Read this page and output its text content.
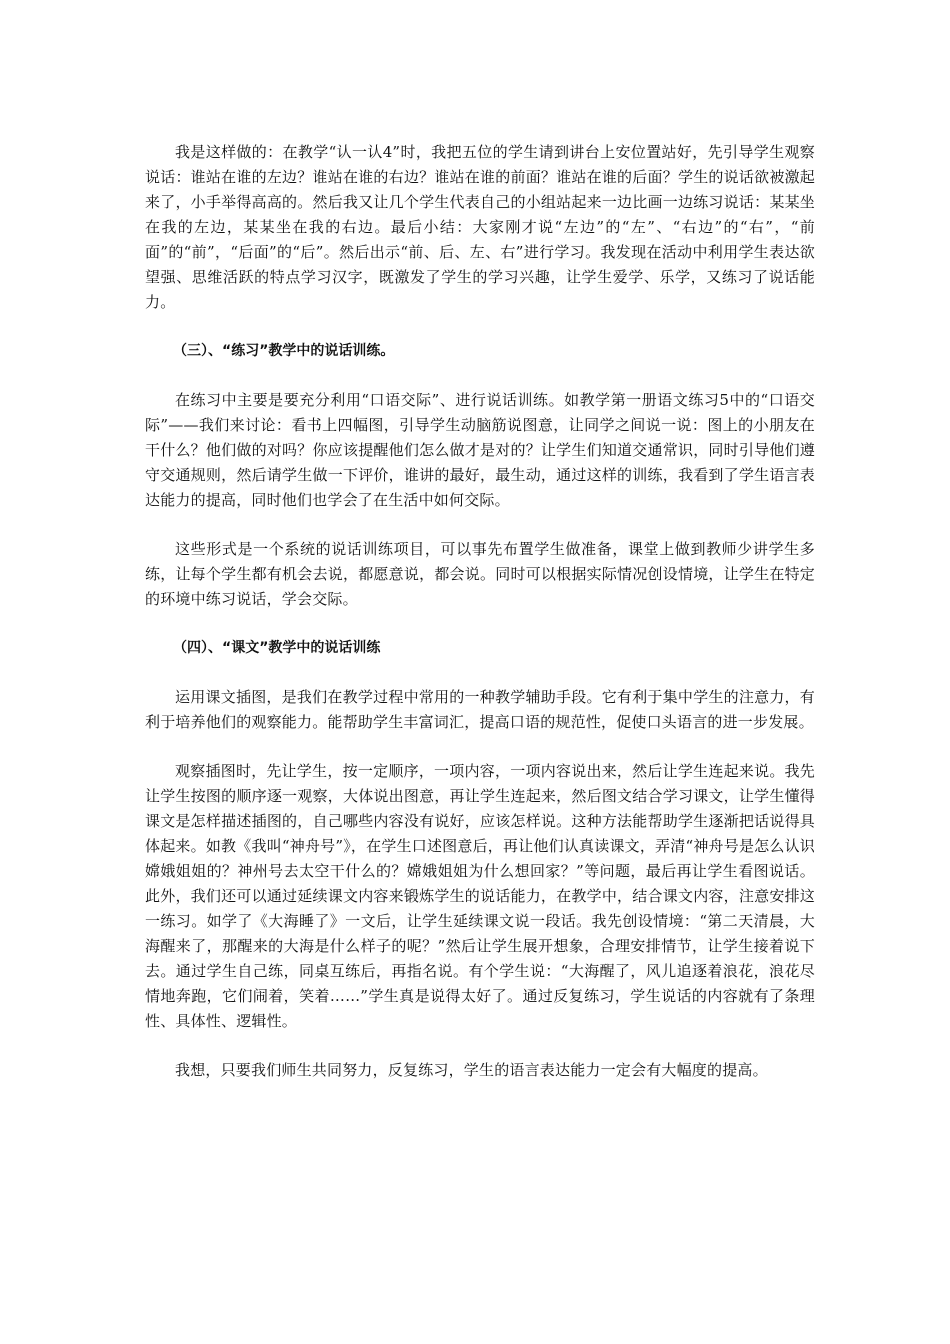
我是这样做的：在教学“认一认4”时，我把五位的学生请到讲台上安位置站好，先引导学生观察说话：谁站在谁的左边？谁站在谁的右边？谁站在谁的前面？谁站在谁的后面？学生的说话欲被激起来了，小手举得高高的。然后我又让几个学生代表自己的小组站起来一边比画一边练习说话：某某坐在我的左边，某某坐在我的右边。最后小结：大家刚才说“左边”的“左”、“右边”的“右”，“前面”的“前”，“后面”的“后”。然后出示“前、后、左、右”进行学习。我发现在活动中利用学生表达欲望强、思维活跃的特点学习汉字，既激发了学生的学习兴趣，让学生爱学、乐学，又练习了说话能力。

（三）、“练习”教学中的说话训练。

在练习中主要是要充分利用“口语交际”、进行说话训练。如教学第一册语文练习5中的“口语交际”——我们来讨论：看书上四幅图，引导学生动脑筋说图意，让同学之间说一说：图上的小朋友在干什么？他们做的对吗？你应该提醒他们怎么做才是对的？让学生们知道交通常识，同时引导他们遵守交通规则，然后请学生做一下评价，谁讲的最好，最生动，通过这样的训练，我看到了学生语言表达能力的提高，同时他们也学会了在生活中如何交际。

这些形式是一个系统的说话训练项目，可以事先布置学生做准备，课堂上做到教师少讲学生多练，让每个学生都有机会去说，都愿意说，都会说。同时可以根据实际情况创设情境，让学生在特定的环境中练习说话，学会交际。

（四）、“课文”教学中的说话训练

运用课文插图，是我们在教学过程中常用的一种教学辅助手段。它有利于集中学生的注意力，有利于培养他们的观察能力。能帮助学生丰富词汇，提高口语的规范性，促使口头语言的进一步发展。

观察插图时，先让学生，按一定顺序，一项内容，一项内容说出来，然后让学生连起来说。我先让学生按图的顺序逐一观察，大体说出图意，再让学生连起来，然后图文结合学习课文，让学生懂得课文是怎样描述插图的，自己哪些内容没有说好，应该怎样说。这种方法能帮助学生逐渐把话说得具体起来。如教《我叫“神舟号”》，在学生口述图意后，再让他们认真读课文，弄清“神舟号是怎么认识嫦娥姐姐的？神州号去太空干什么的？嫦娥姐姐为什么想回家？”等问题，最后再让学生看图说话。此外，我们还可以通过延续课文内容来锻炼学生的说话能力，在教学中，结合课文内容，注意安排这一练习。如学了《大海睡了》一文后，让学生延续课文说一段话。我先创设情境：“第二天清晨，大海醒来了，那醒来的大海是什么样子的呢？”然后让学生展开想象，合理安排情节，让学生接着说下去。通过学生自己练，同桌互练后，再指名说。有个学生说：“大海醒了，风儿追逐着浪花，浪花尽情地奔跑，它们闹着，笑着……”学生真是说得太好了。通过反复练习，学生说话的内容就有了条理性、具体性、逻辑性。

我想，只要我们师生共同努力，反复练习，学生的语言表达能力一定会有大幅度的提高。
